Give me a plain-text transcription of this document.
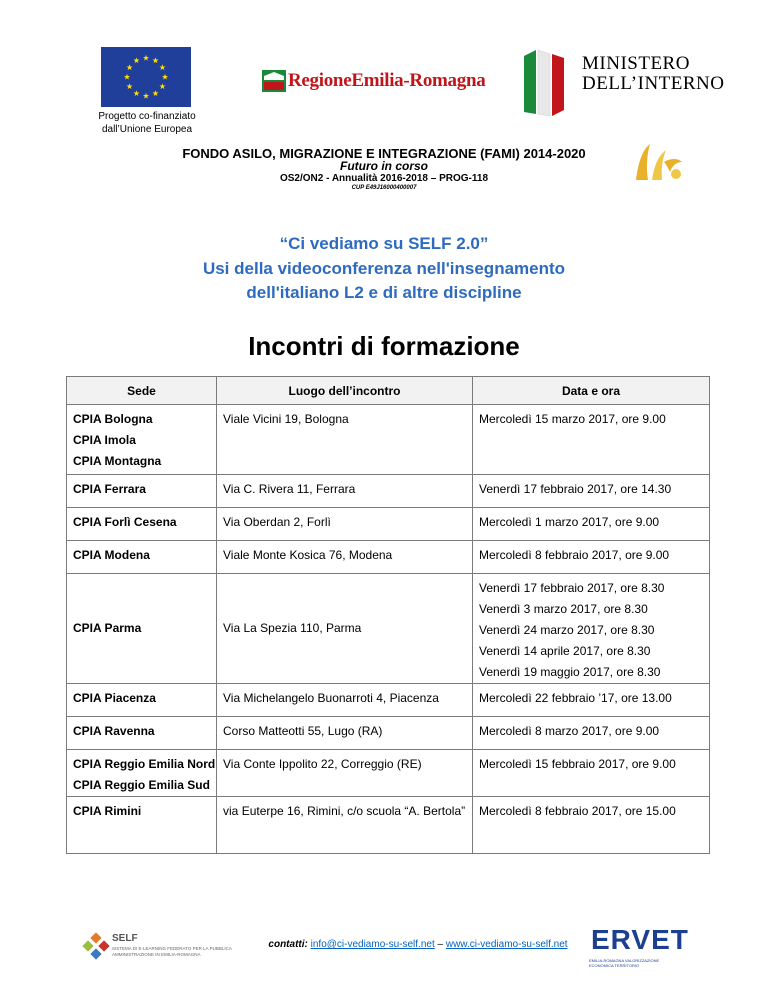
Progetto co-finanziato dall’Unione Europea
RegioneEmilia-Romagna
MINISTERO
DELL’INTERNO
FONDO ASILO, MIGRAZIONE E INTEGRAZIONE (FAMI) 2014-2020
Futuro in corso
OS2/ON2 - Annualità 2016-2018 – PROG-118
CUP E49J16000400007
“Ci vediamo su SELF 2.0”
Usi della videoconferenza nell'insegnamento
dell'italiano L2 e di altre discipline
Incontri di formazione
Sede	Luogo dell’incontro	Data e ora

CPIA Bologna
CPIA Imola
CPIA Montagna	Viale Vicini 19, Bologna	Mercoledì 15 marzo 2017, ore 9.00

CPIA Ferrara	Via C. Rivera 11, Ferrara	Venerdì 17 febbraio 2017, ore 14.30

CPIA Forlì Cesena	Via Oberdan 2, Forlì	Mercoledì 1 marzo 2017, ore 9.00

CPIA Modena	Viale Monte Kosica 76, Modena	Mercoledì 8 febbraio 2017, ore 9.00

CPIA Parma	Via La Spezia 110, Parma	Venerdì 17 febbraio 2017, ore 8.30
Venerdì 3 marzo 2017, ore 8.30
Venerdì 24 marzo 2017, ore 8.30
Venerdì 14 aprile 2017, ore 8.30
Venerdì 19 maggio 2017, ore 8.30

CPIA Piacenza	Via Michelangelo Buonarroti 4, Piacenza	Mercoledì 22 febbraio ’17, ore 13.00

CPIA Ravenna	Corso Matteotti 55, Lugo (RA)	Mercoledì 8 marzo 2017, ore 9.00

CPIA Reggio Emilia Nord
CPIA Reggio Emilia Sud	Via Conte Ippolito 22, Correggio (RE)	Mercoledì 15 febbraio 2017, ore 9.00

CPIA Rimini	via Euterpe 16, Rimini, c/o scuola “A. Bertola”	Mercoledì 8 febbraio 2017, ore 15.00
SELF
SISTEMA DI E-LEARNING FEDERATO PER LA PUBBLICA AMMINISTRAZIONE IN EMILIA-ROMAGNA
contatti: info@ci-vediamo-su-self.net – www.ci-vediamo-su-self.net ERVET
EMILIA-ROMAGNA VALORIZZAZIONE ECONOMICA TERRITORIO
